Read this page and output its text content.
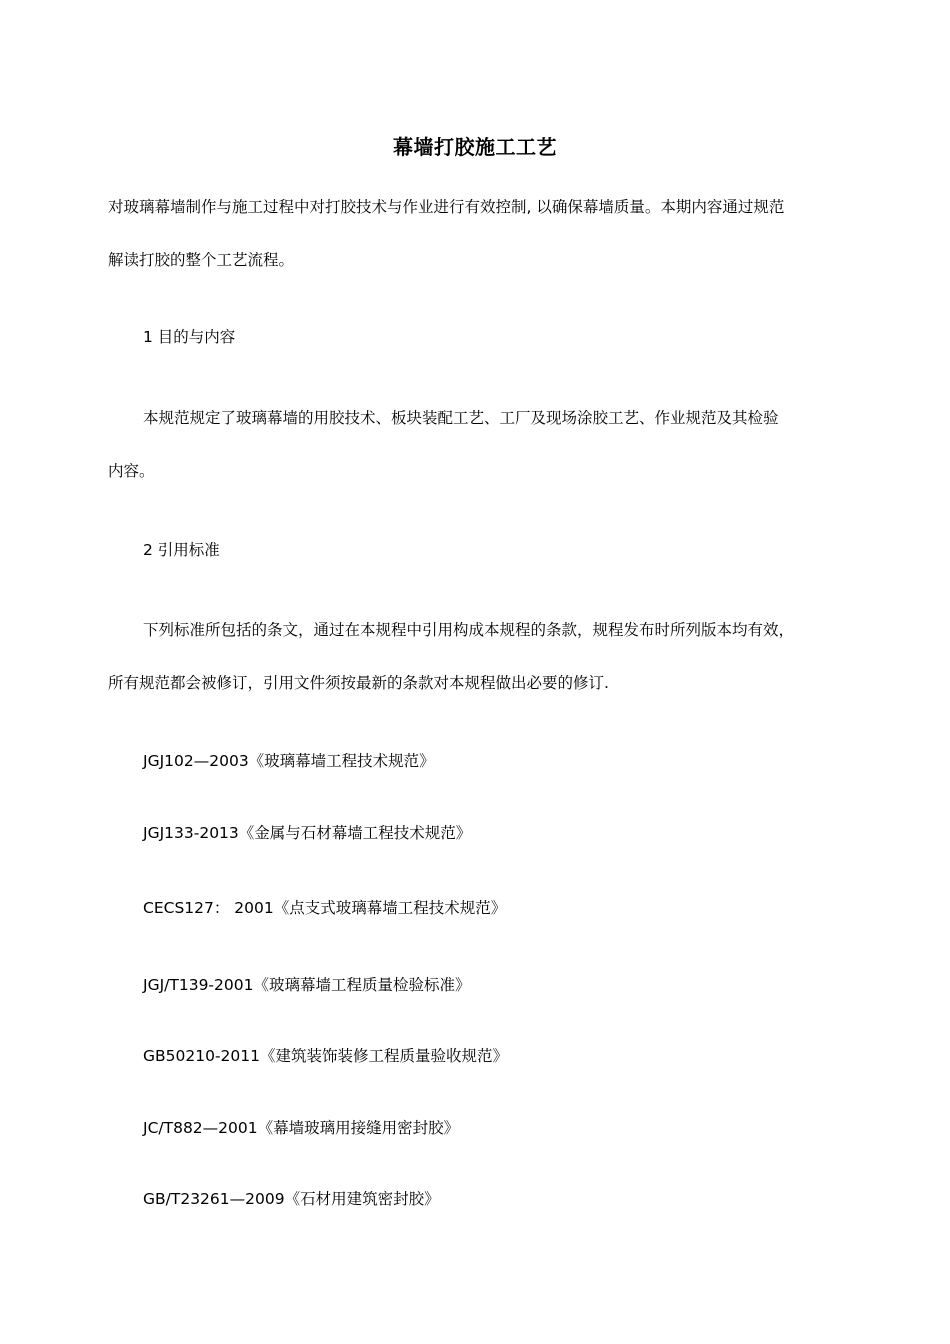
幕墙打胶施工工艺
对玻璃幕墙制作与施工过程中对打胶技术与作业进行有效控制, 以确保幕墙质量。本期内容通过规范
解读打胶的整个工艺流程。
1 目的与内容
本规范规定了玻璃幕墙的用胶技术、板块装配工艺、工厂及现场涂胶工艺、作业规范及其检验
内容。
2 引用标准
下列标准所包括的条文，通过在本规程中引用构成本规程的条款，规程发布时所列版本均有效，
所有规范都会被修订，引用文件须按最新的条款对本规程做出必要的修订.
JGJ102—2003《玻璃幕墙工程技术规范》
JGJ133-2013《金属与石材幕墙工程技术规范》
CECS127： 2001《点支式玻璃幕墙工程技术规范》
JGJ/T139-2001《玻璃幕墙工程质量检验标准》
GB50210-2011《建筑装饰装修工程质量验收规范》
JC/T882—2001《幕墙玻璃用接缝用密封胶》
GB/T23261—2009《石材用建筑密封胶》
